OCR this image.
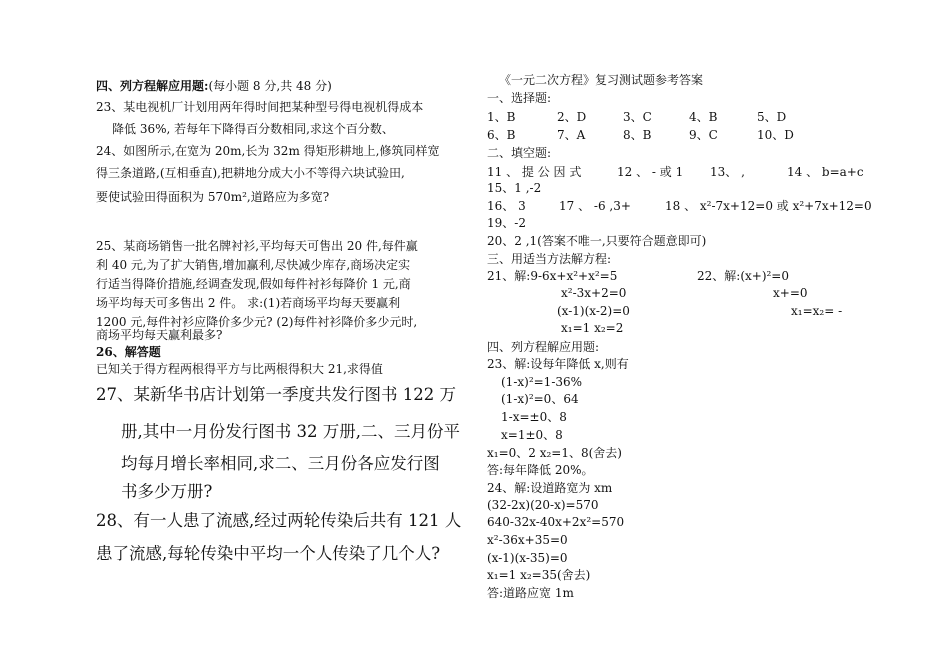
四、列方程解应用题:(每小题 8 分,共 48 分)
23、某电视机厂计划用两年得时间把某种型号得电视机得成本
降低 36%, 若每年下降得百分数相同,求这个百分数、
24、如图所示,在宽为 20m,长为 32m 得矩形耕地上,修筑同样宽
得三条道路,(互相垂直),把耕地分成大小不等得六块试验田,
要使试验田得面积为 570m²,道路应为多宽?
25、某商场销售一批名牌衬衫,平均每天可售出 20 件,每件赢
利 40 元,为了扩大销售,增加赢利,尽快减少库存,商场决定实
行适当得降价措施,经调查发现,假如每件衬衫每降价 1 元,商
场平均每天可多售出 2 件。 求:(1)若商场平均每天要赢利
1200 元,每件衬衫应降价多少元? (2)每件衬衫降价多少元时,
商场平均每天赢利最多?
26、解答题
已知关于得方程两根得平方与比两根得积大 21,求得值
27、某新华书店计划第一季度共发行图书 122 万
册,其中一月份发行图书 32 万册,二、三月份平
均每月增长率相同,求二、三月份各应发行图
书多少万册?
28、有一人患了流感,经过两轮传染后共有 121 人
患了流感,每轮传染中平均一个人传染了几个人?
《一元二次方程》复习测试题参考答案
一、选择题:
1、B	2、D	3、C	4、B	5、D
6、B	7、A	8、B	9、C	10、D
二、填空题:
11 、 提 公 因 式	12 、 - 或 1 13、 ,	14 、 b=a+c
15、1 ,-2
16、 3	17 、 -6 ,3+	18 、 x²-7x+12=0 或 x²+7x+12=0
19、-2
20、2 ,1(答案不唯一,只要符合题意即可)
三、用适当方法解方程:
21、解:9-6x+x²+x²=5
x²-3x+2=0
(x-1)(x-2)=0
x₁=1 x₂=2
22、解:(x+)²=0
x+=0
x₁=x₂= -
四、列方程解应用题:
23、解:设每年降低 x,则有
(1-x)²=1-36%
(1-x)²=0、64
1-x=±0、8
x=1±0、8
x₁=0、2 x₂=1、8(舍去)
答:每年降低 20%。
24、解:设道路宽为 xm
(32-2x)(20-x)=570
640-32x-40x+2x²=570
x²-36x+35=0
(x-1)(x-35)=0
x₁=1 x₂=35(舍去)
答:道路应宽 1m
